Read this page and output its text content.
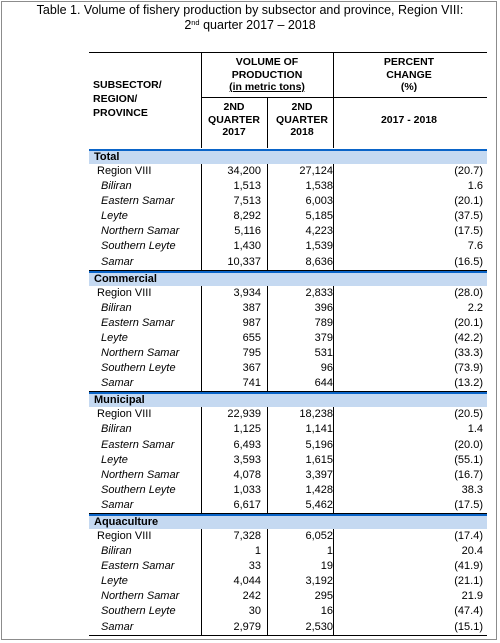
Table 1. Volume of fishery production by subsector and province, Region VIII:
2nd quarter 2017 – 2018
SUBSECTOR/
REGION/
PROVINCE
VOLUME OF
PRODUCTION
(in metric tons)
PERCENT
CHANGE
(%)
2ND
QUARTER
2017
2ND
QUARTER
2018
2017 - 2018
Total
Region VIII	34,200	27,124	(20.7)
Biliran	1,513	1,538	1.6
Eastern Samar	7,513	6,003	(20.1)
Leyte	8,292	5,185	(37.5)
Northern Samar	5,116	4,223	(17.5)
Southern Leyte	1,430	1,539	7.6
Samar	10,337	8,636	(16.5)
Commercial
Region VIII	3,934	2,833	(28.0)
Biliran	387	396	2.2
Eastern Samar	987	789	(20.1)
Leyte	655	379	(42.2)
Northern Samar	795	531	(33.3)
Southern Leyte	367	96	(73.9)
Samar	741	644	(13.2)
Municipal
Region VIII	22,939	18,238	(20.5)
Biliran	1,125	1,141	1.4
Eastern Samar	6,493	5,196	(20.0)
Leyte	3,593	1,615	(55.1)
Northern Samar	4,078	3,397	(16.7)
Southern Leyte	1,033	1,428	38.3
Samar	6,617	5,462	(17.5)
Aquaculture
Region VIII	7,328	6,052	(17.4)
Biliran	1	1	20.4
Eastern Samar	33	19	(41.9)
Leyte	4,044	3,192	(21.1)
Northern Samar	242	295	21.9
Southern Leyte	30	16	(47.4)
Samar	2,979	2,530	(15.1)
